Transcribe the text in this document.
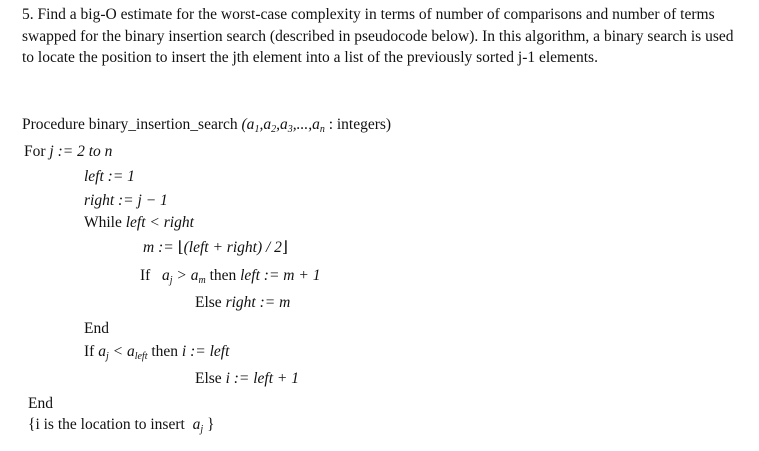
5. Find a big-O estimate for the worst-case complexity in terms of number of comparisons and number of terms swapped for the binary insertion search (described in pseudocode below). In this algorithm, a binary search is used to locate the position to insert the jth element into a list of the previously sorted j-1 elements.

Procedure binary_insertion_search ($a_1,a_2,a_3,...,a_n$ : integers)
For j := 2 to n
left := 1
right := j − 1
While left < right
m := ⌊(left + right) / 2⌋
If $a_j > a_m$ then left := m + 1
Else right := m
End
If $a_j < a_{left}$ then i := left
Else i := left + 1
End
{i is the location to insert $a_j$ }
